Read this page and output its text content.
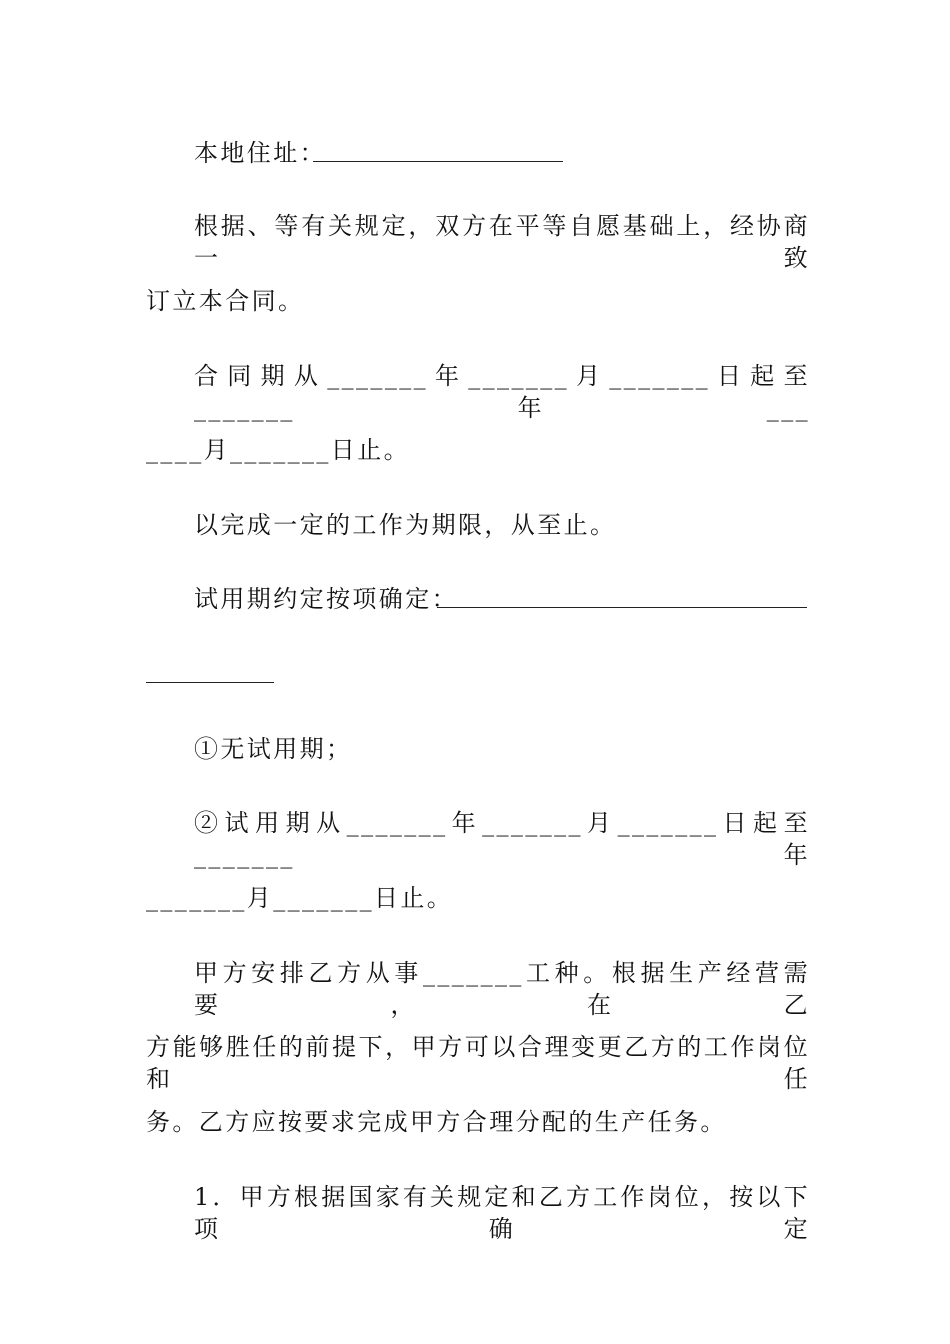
本地住址：
根据、等有关规定，双方在平等自愿基础上，经协商一致
订立本合同。
合同期从_______年_______月_______日起至_______年___
____月_______日止。
以完成一定的工作为期限，从至止。
试用期约定按项确定：
①无试用期；
②试用期从_______年_______月_______日起至_______年
_______月_______日止。
甲方安排乙方从事_______工种。根据生产经营需要，在乙
方能够胜任的前提下，甲方可以合理变更乙方的工作岗位和任
务。乙方应按要求完成甲方合理分配的生产任务。
1．甲方根据国家有关规定和乙方工作岗位，按以下项确定
